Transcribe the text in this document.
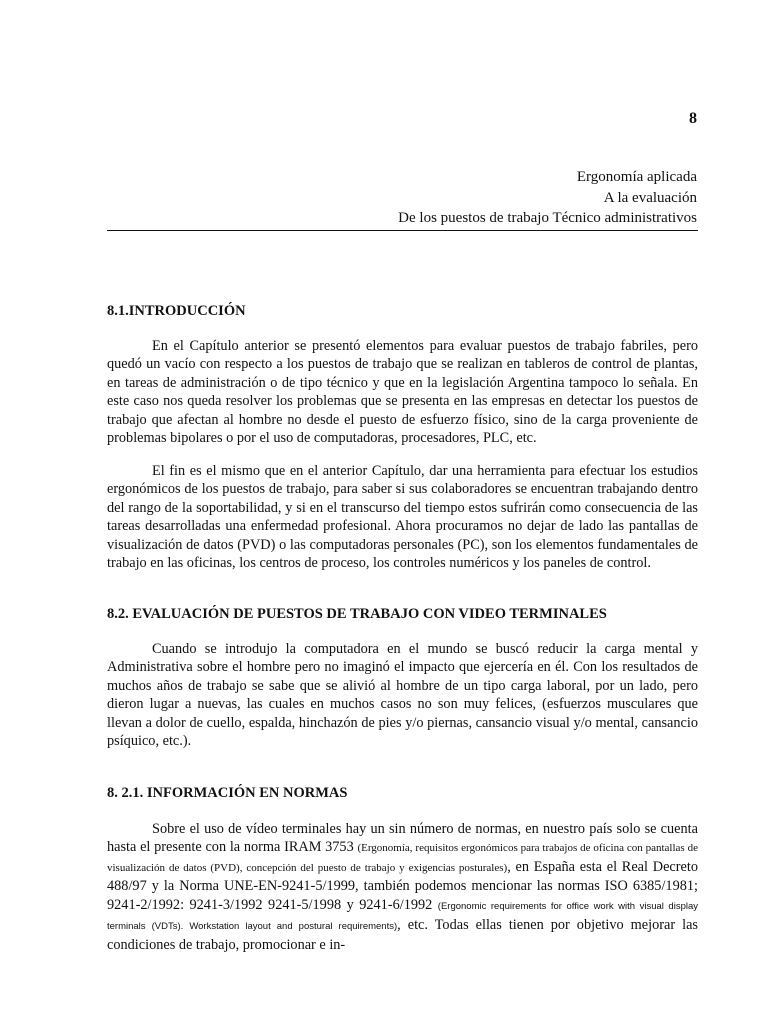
8
Ergonomía aplicada
A la evaluación
De los puestos de trabajo Técnico administrativos
8.1.INTRODUCCIÓN

En el Capítulo anterior se presentó elementos para evaluar puestos de trabajo fabriles, pero quedó un vacío con respecto a los puestos de trabajo que se realizan en tableros de control de plantas, en tareas de administración o de tipo técnico y que en la legislación Argentina tampoco lo señala. En este caso nos queda resolver los problemas que se presenta en las empresas en detectar los puestos de trabajo que afectan al hombre no desde el puesto de esfuerzo físico, sino de la carga proveniente de problemas bipolares o por el uso de computadoras, procesadores, PLC, etc.

El fin es el mismo que en el anterior Capítulo, dar una herramienta para efectuar los estudios ergonómicos de los puestos de trabajo, para saber si sus colaboradores se encuentran trabajando dentro del rango de la soportabilidad, y si en el transcurso del tiempo estos sufrirán como consecuencia de las tareas desarrolladas una enfermedad profesional. Ahora procuramos no dejar de lado las pantallas de visualización de datos (PVD) o las computadoras personales (PC), son los elementos fundamentales de trabajo en las oficinas, los centros de proceso, los controles numéricos y los paneles de control.

8.2. EVALUACIÓN DE PUESTOS DE TRABAJO CON VIDEO TERMINALES

Cuando se introdujo la computadora en el mundo se buscó reducir la carga mental y Administrativa sobre el hombre pero no imaginó el impacto que ejercería en él. Con los resultados de muchos años de trabajo se sabe que se alivió al hombre de un tipo carga laboral, por un lado, pero dieron lugar a nuevas, las cuales en muchos casos no son muy felices, (esfuerzos musculares que llevan a dolor de cuello, espalda, hinchazón de pies y/o piernas, cansancio visual y/o mental, cansancio psíquico, etc.).

8. 2.1. INFORMACIÓN EN NORMAS

Sobre el uso de vídeo terminales hay un sin número de normas, en nuestro país solo se cuenta hasta el presente con la norma IRAM 3753 (Ergonomía, requisitos ergonómicos para trabajos de oficina con pantallas de visualización de datos (PVD), concepción del puesto de trabajo y exigencias posturales), en España esta el Real Decreto 488/97 y la Norma UNE-EN-9241-5/1999, también podemos mencionar las normas ISO 6385/1981; 9241-2/1992: 9241-3/1992 9241-5/1998 y 9241-6/1992 (Ergonomic requirements for office work with visual display terminals (VDTs). Workstation layout and postural requirements), etc. Todas ellas tienen por objetivo mejorar las condiciones de trabajo, promocionar e in-
